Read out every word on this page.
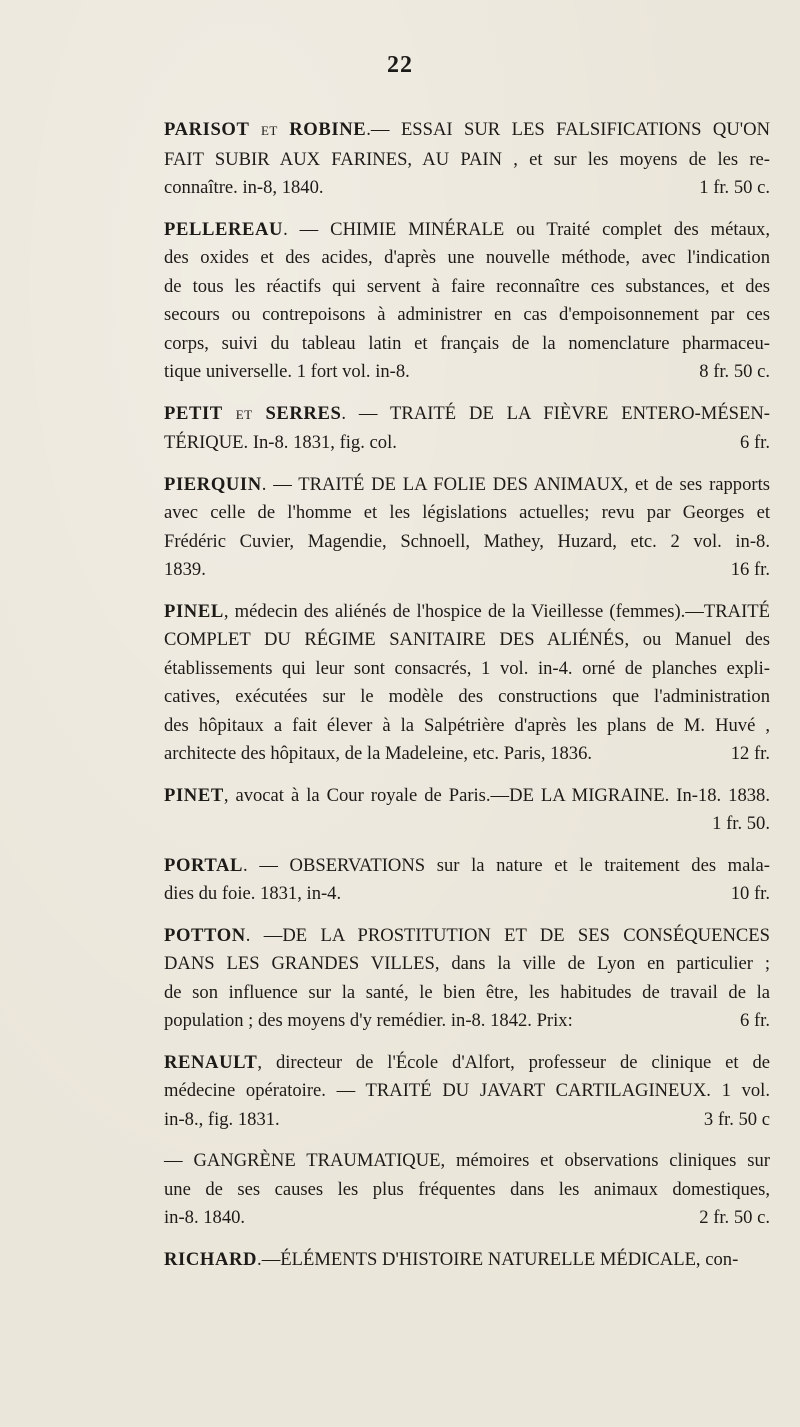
22
PARISOT ET ROBINE.— ESSAI SUR LES FALSIFICATIONS QU'ON
FAIT SUBIR AUX FARINES, AU PAIN , et sur les moyens de les re-
connaître. in-8, 1840.	1 fr. 50 c.
PELLEREAU. — CHIMIE MINÉRALE ou Traité complet des métaux,
des oxides et des acides, d'après une nouvelle méthode, avec l'indication
de tous les réactifs qui servent à faire reconnaître ces substances, et des
secours ou contrepoisons à administrer en cas d'empoisonnement par ces
corps, suivi du tableau latin et français de la nomenclature pharmaceu-
tique universelle. 1 fort vol. in-8.	8 fr. 50 c.
PETIT ET SERRES. — TRAITÉ DE LA FIÈVRE ENTERO-MÉSEN-
TÉRIQUE. In-8. 1831, fig. col.	6 fr.
PIERQUIN. — TRAITÉ DE LA FOLIE DES ANIMAUX, et de ses rapports
avec celle de l'homme et les législations actuelles; revu par Georges et
Frédéric Cuvier, Magendie, Schnoell, Mathey, Huzard, etc. 2 vol. in-8.
1839.	16 fr.
PINEL, médecin des aliénés de l'hospice de la Vieillesse (femmes).—TRAITÉ
COMPLET DU RÉGIME SANITAIRE DES ALIÉNÉS, ou Manuel des
établissements qui leur sont consacrés, 1 vol. in-4. orné de planches expli-
catives, exécutées sur le modèle des constructions que l'administration
des hôpitaux a fait élever à la Salpétrière d'après les plans de M. Huvé ,
architecte des hôpitaux, de la Madeleine, etc. Paris, 1836.	12 fr.
PINET, avocat à la Cour royale de Paris.—DE LA MIGRAINE. In-18. 1838.
1 fr. 50.
PORTAL. — OBSERVATIONS sur la nature et le traitement des mala-
dies du foie. 1831, in-4.	10 fr.
POTTON. —DE LA PROSTITUTION ET DE SES CONSÉQUENCES
DANS LES GRANDES VILLES, dans la ville de Lyon en particulier ;
de son influence sur la santé, le bien être, les habitudes de travail de la
population ; des moyens d'y remédier. in-8. 1842. Prix:	6 fr.
RENAULT, directeur de l'École d'Alfort, professeur de clinique et de
médecine opératoire. — TRAITÉ DU JAVART CARTILAGINEUX. 1 vol.
in-8., fig. 1831.	3 fr. 50 c
— GANGRÈNE TRAUMATIQUE, mémoires et observations cliniques sur
une de ses causes les plus fréquentes dans les animaux domestiques,
in-8. 1840.	2 fr. 50 c.
RICHARD.—ÉLÉMENTS D'HISTOIRE NATURELLE MÉDICALE, con-
